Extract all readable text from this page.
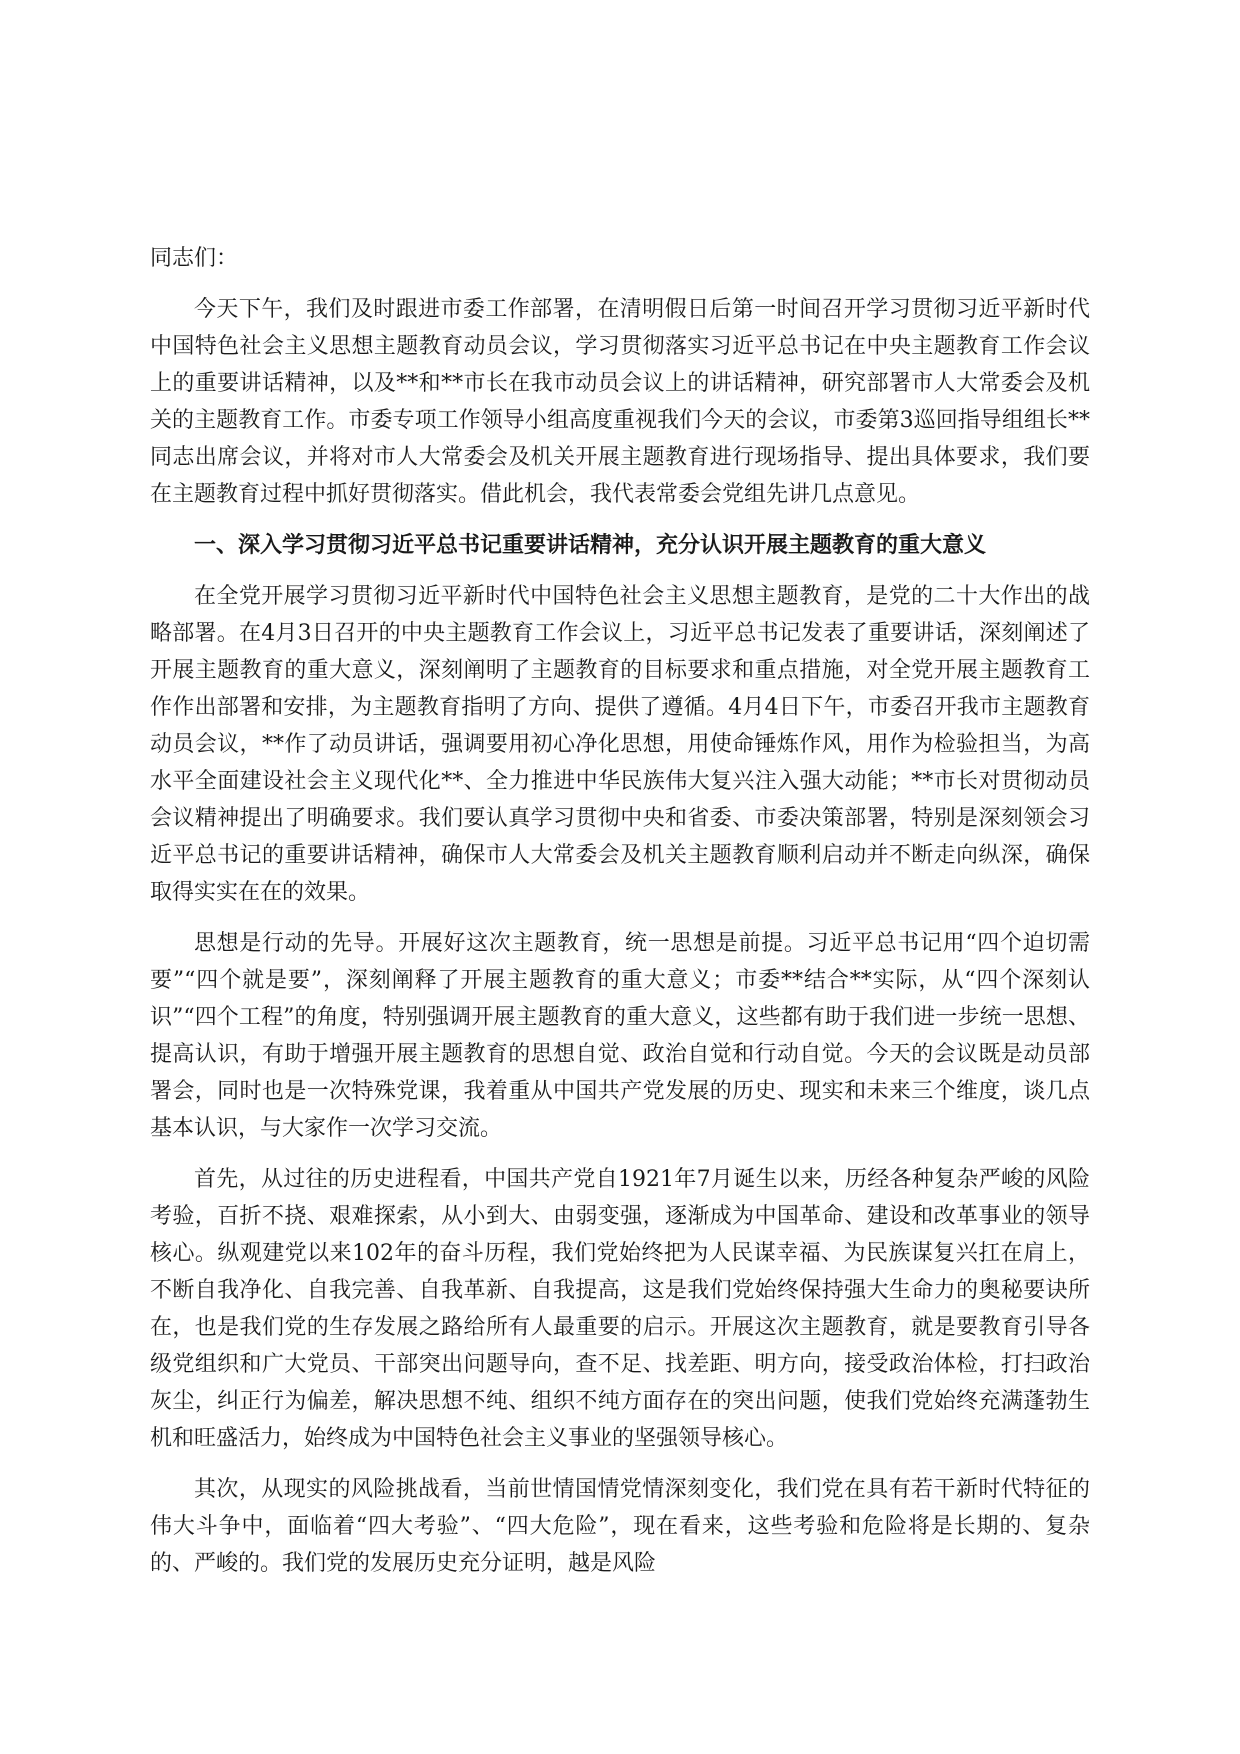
同志们：

今天下午，我们及时跟进市委工作部署，在清明假日后第一时间召开学习贯彻习近平新时代中国特色社会主义思想主题教育动员会议，学习贯彻落实习近平总书记在中央主题教育工作会议上的重要讲话精神，以及**和**市长在我市动员会议上的讲话精神，研究部署市人大常委会及机关的主题教育工作。市委专项工作领导小组高度重视我们今天的会议，市委第3巡回指导组组长**同志出席会议，并将对市人大常委会及机关开展主题教育进行现场指导、提出具体要求，我们要在主题教育过程中抓好贯彻落实。借此机会，我代表常委会党组先讲几点意见。

一、深入学习贯彻习近平总书记重要讲话精神，充分认识开展主题教育的重大意义

在全党开展学习贯彻习近平新时代中国特色社会主义思想主题教育，是党的二十大作出的战略部署。在4月3日召开的中央主题教育工作会议上，习近平总书记发表了重要讲话，深刻阐述了开展主题教育的重大意义，深刻阐明了主题教育的目标要求和重点措施，对全党开展主题教育工作作出部署和安排，为主题教育指明了方向、提供了遵循。4月4日下午，市委召开我市主题教育动员会议，**作了动员讲话，强调要用初心净化思想，用使命锤炼作风，用作为检验担当，为高水平全面建设社会主义现代化**、全力推进中华民族伟大复兴注入强大动能；**市长对贯彻动员会议精神提出了明确要求。我们要认真学习贯彻中央和省委、市委决策部署，特别是深刻领会习近平总书记的重要讲话精神，确保市人大常委会及机关主题教育顺利启动并不断走向纵深，确保取得实实在在的效果。

思想是行动的先导。开展好这次主题教育，统一思想是前提。习近平总书记用“四个迫切需要”“四个就是要”，深刻阐释了开展主题教育的重大意义；市委**结合**实际，从“四个深刻认识”“四个工程”的角度，特别强调开展主题教育的重大意义，这些都有助于我们进一步统一思想、提高认识，有助于增强开展主题教育的思想自觉、政治自觉和行动自觉。今天的会议既是动员部署会，同时也是一次特殊党课，我着重从中国共产党发展的历史、现实和未来三个维度，谈几点基本认识，与大家作一次学习交流。

首先，从过往的历史进程看，中国共产党自1921年7月诞生以来，历经各种复杂严峻的风险考验，百折不挠、艰难探索，从小到大、由弱变强，逐渐成为中国革命、建设和改革事业的领导核心。纵观建党以来102年的奋斗历程，我们党始终把为人民谋幸福、为民族谋复兴扛在肩上，不断自我净化、自我完善、自我革新、自我提高，这是我们党始终保持强大生命力的奥秘要诀所在，也是我们党的生存发展之路给所有人最重要的启示。开展这次主题教育，就是要教育引导各级党组织和广大党员、干部突出问题导向，查不足、找差距、明方向，接受政治体检，打扫政治灰尘，纠正行为偏差，解决思想不纯、组织不纯方面存在的突出问题，使我们党始终充满蓬勃生机和旺盛活力，始终成为中国特色社会主义事业的坚强领导核心。

其次，从现实的风险挑战看，当前世情国情党情深刻变化，我们党在具有若干新时代特征的伟大斗争中，面临着“四大考验”、“四大危险”，现在看来，这些考验和危险将是长期的、复杂的、严峻的。我们党的发展历史充分证明，越是风险
